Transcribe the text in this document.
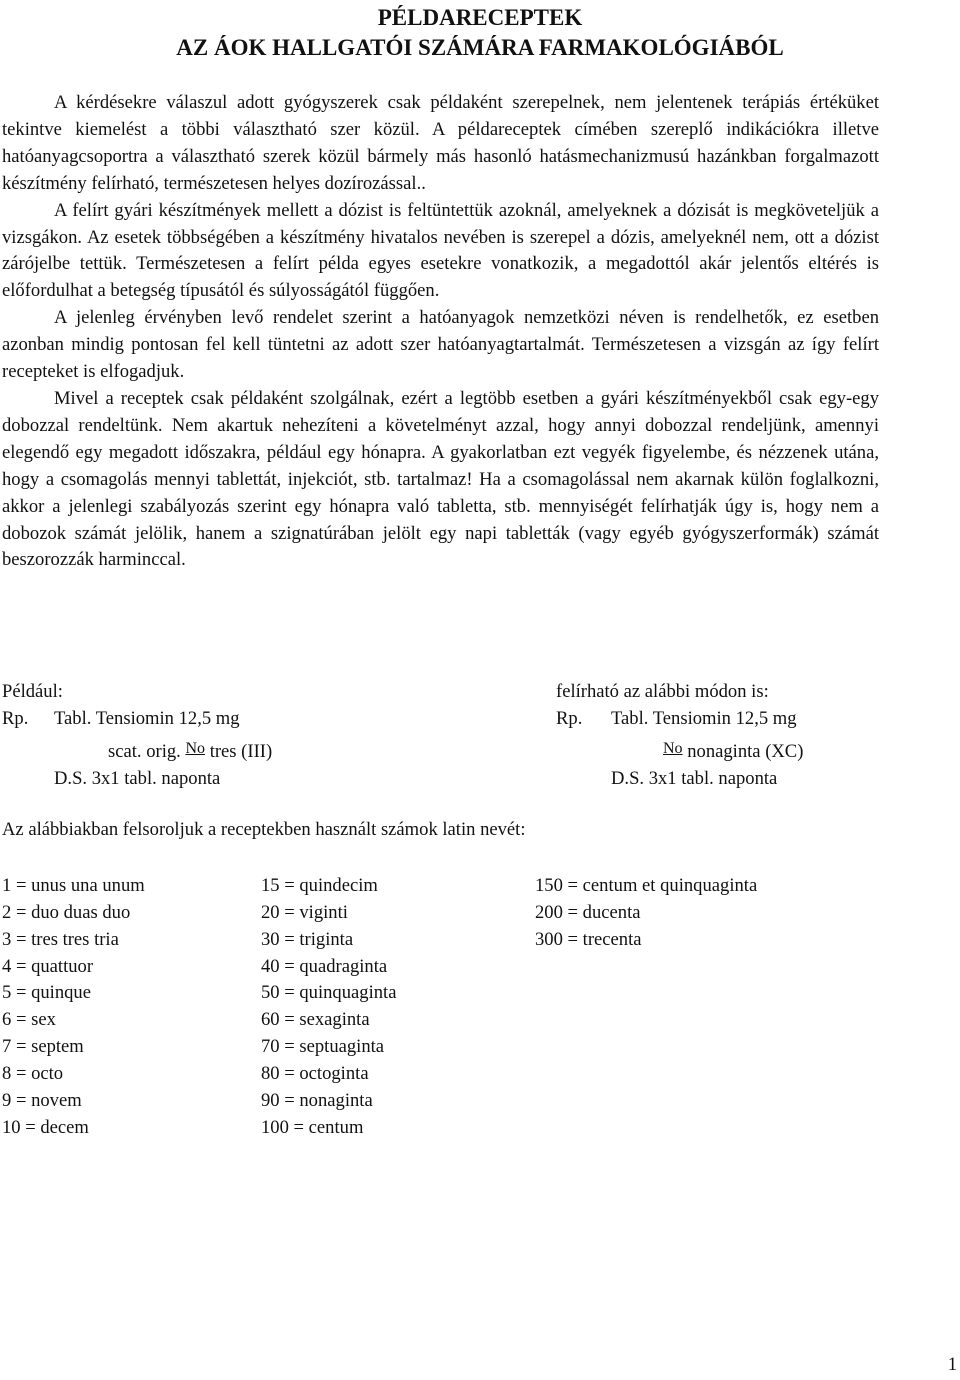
PÉLDARECEPTEK
AZ ÁOK HALLGATÓI SZÁMÁRA FARMAKOLÓGIÁBÓL

A kérdésekre válaszul adott gyógyszerek csak példaként szerepelnek, nem jelentenek terápiás értéküket tekintve kiemelést a többi választható szer közül. A példareceptek címében szereplő indikációkra illetve hatóanyagcsoportra a választható szerek közül bármely más hasonló hatásmechanizmusú hazánkban forgalmazott készítmény felírható, természetesen helyes dozírozással..

A felírt gyári készítmények mellett a dózist is feltüntettük azoknál, amelyeknek a dózisát is megköveteljük a vizsgákon. Az esetek többségében a készítmény hivatalos nevében is szerepel a dózis, amelyeknél nem, ott a dózist zárójelbe tettük. Természetesen a felírt példa egyes esetekre vonatkozik, a megadottól akár jelentős eltérés is előfordulhat a betegség típusától és súlyosságától függően.

A jelenleg érvényben levő rendelet szerint a hatóanyagok nemzetközi néven is rendelhetők, ez esetben azonban mindig pontosan fel kell tüntetni az adott szer hatóanyagtartalmát. Természetesen a vizsgán az így felírt recepteket is elfogadjuk.

Mivel a receptek csak példaként szolgálnak, ezért a legtöbb esetben a gyári készítményekből csak egy-egy dobozzal rendeltünk. Nem akartuk nehezíteni a követelményt azzal, hogy annyi dobozzal rendeljünk, amennyi elegendő egy megadott időszakra, például egy hónapra. A gyakorlatban ezt vegyék figyelembe, és nézzenek utána, hogy a csomagolás mennyi tablettát, injekciót, stb. tartalmaz! Ha a csomagolással nem akarnak külön foglalkozni, akkor a jelenlegi szabályozás szerint egy hónapra való tabletta, stb. mennyiségét felírhatják úgy is, hogy nem a dobozok számát jelölik, hanem a szignatúrában jelölt egy napi tabletták (vagy egyéb gyógyszerformák) számát beszorozzák harminccal.

Például:
Rp. Tabl. Tensiomin 12,5 mg
scat. orig. No tres (III)
D.S. 3x1 tabl. naponta
felírható az alábbi módon is:
Rp. Tabl. Tensiomin 12,5 mg
No nonaginta (XC)
D.S. 3x1 tabl. naponta
Az alábbiakban felsoroljuk a receptekben használt számok latin nevét:
1 = unus una unum
2 = duo duas duo
3 = tres tres tria
4 = quattuor
5 = quinque
6 = sex
7 = septem
8 = octo
9 = novem
10 = decem
15 = quindecim
20 = viginti
30 = triginta
40 = quadraginta
50 = quinquaginta
60 = sexaginta
70 = septuaginta
80 = octoginta
90 = nonaginta
100 = centum
150 = centum et quinquaginta
200 = ducenta
300 = trecenta
1
